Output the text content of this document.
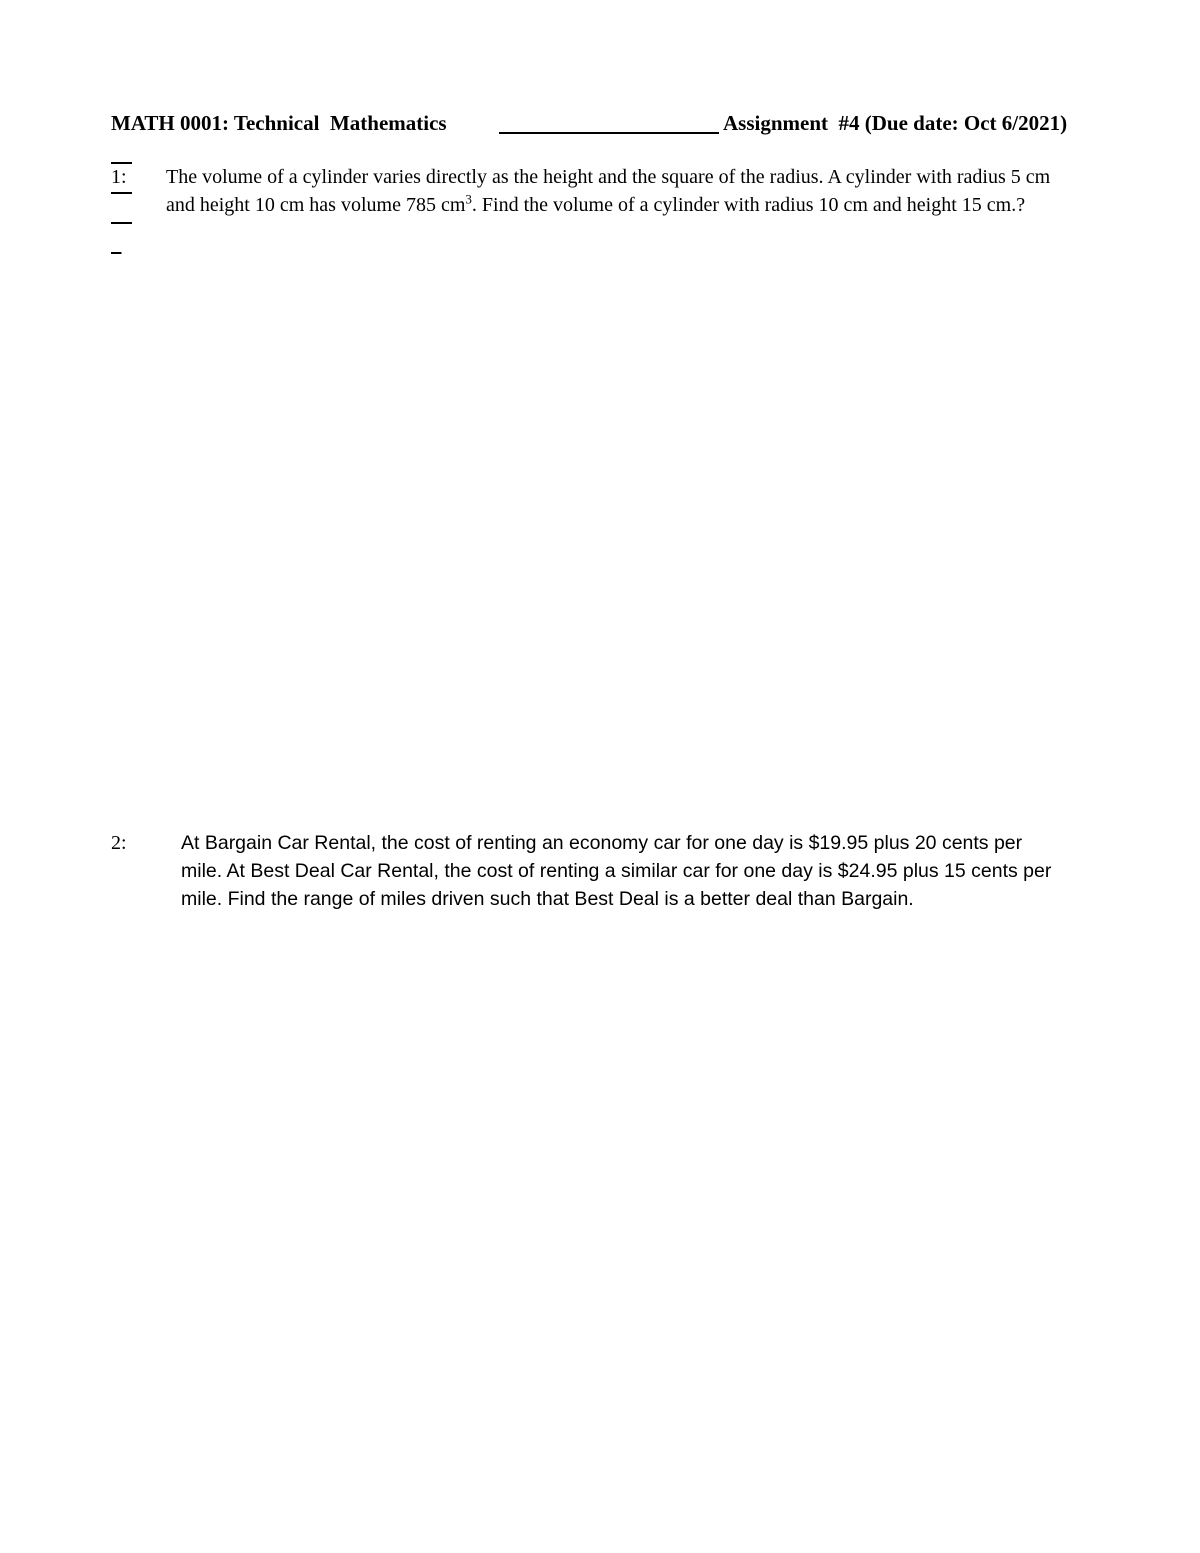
MATH 0001: Technical  Mathematics

	Assignment  #4 (Due date: Oct 6/2021)

1: The volume of a cylinder varies directly as the height and the square of the radius. A cylinder with radius 5 cm and height 10 cm has volume 785 $cm^3$. Find the volume of a cylinder with radius 10 cm and height 15 cm.?
2:	At Bargain Car Rental, the cost of renting an economy car for one day is $19.95 plus 20 cents per mile. At Best Deal Car Rental, the cost of renting a similar car for one day is $24.95 plus 15 cents per mile. Find the range of miles driven such that Best Deal is a better deal than Bargain.
